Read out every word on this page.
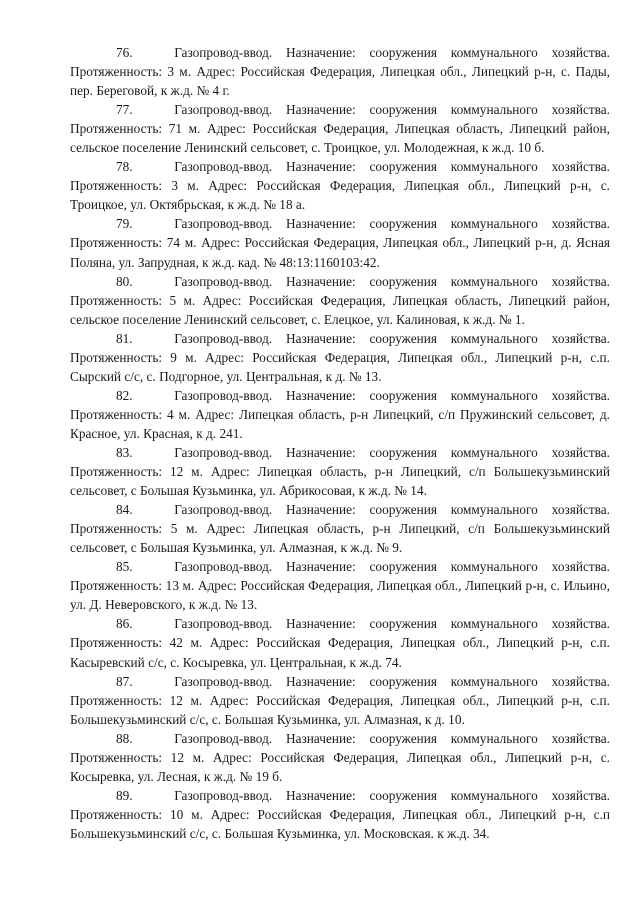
76.	Газопровод-ввод. Назначение: сооружения коммунального хозяйства. Протяженность: 3 м. Адрес: Российская Федерация, Липецкая обл., Липецкий р-н, с. Пады, пер. Береговой, к ж.д. № 4 г.

77.	Газопровод-ввод. Назначение: сооружения коммунального хозяйства. Протяженность: 71 м. Адрес: Российская Федерация, Липецкая область, Липецкий район, сельское поселение Ленинский сельсовет, с. Троицкое, ул. Молодежная, к ж.д. 10 б.

78.	Газопровод-ввод. Назначение: сооружения коммунального хозяйства. Протяженность: 3 м. Адрес: Российская Федерация, Липецкая обл., Липецкий р-н, с. Троицкое, ул. Октябрьская, к ж.д. № 18 а.

79.	Газопровод-ввод. Назначение: сооружения коммунального хозяйства. Протяженность: 74 м. Адрес: Российская Федерация, Липецкая обл., Липецкий р-н, д. Ясная Поляна, ул. Запрудная, к ж.д. кад. № 48:13:1160103:42.

80.	Газопровод-ввод. Назначение: сооружения коммунального хозяйства. Протяженность: 5 м. Адрес: Российская Федерация, Липецкая область, Липецкий район, сельское поселение Ленинский сельсовет, с. Елецкое, ул. Калиновая, к ж.д. № 1.

81.	Газопровод-ввод. Назначение: сооружения коммунального хозяйства. Протяженность: 9 м. Адрес: Российская Федерация, Липецкая обл., Липецкий р-н, с.п. Сырский с/с, с. Подгорное, ул. Центральная, к д. № 13.

82.	Газопровод-ввод. Назначение: сооружения коммунального хозяйства. Протяженность: 4 м. Адрес: Липецкая область, р-н Липецкий, с/п Пружинский сельсовет, д. Красное, ул. Красная, к д. 241.

83.	Газопровод-ввод. Назначение: сооружения коммунального хозяйства. Протяженность: 12 м. Адрес: Липецкая область, р-н Липецкий, с/п Большекузьминский сельсовет, с Большая Кузьминка, ул. Абрикосовая, к ж.д. № 14.

84.	Газопровод-ввод. Назначение: сооружения коммунального хозяйства. Протяженность: 5 м. Адрес: Липецкая область, р-н Липецкий, с/п Большекузьминский сельсовет, с Большая Кузьминка, ул. Алмазная, к ж.д. № 9.

85.	Газопровод-ввод. Назначение: сооружения коммунального хозяйства. Протяженность: 13 м. Адрес: Российская Федерация, Липецкая обл., Липецкий р-н, с. Ильино, ул. Д. Неверовского, к ж.д. № 13.

86.	Газопровод-ввод. Назначение: сооружения коммунального хозяйства. Протяженность: 42 м. Адрес: Российская Федерация, Липецкая обл., Липецкий р-н, с.п. Касыревский с/с, с. Косыревка, ул. Центральная, к ж.д. 74.

87.	Газопровод-ввод. Назначение: сооружения коммунального хозяйства. Протяженность: 12 м. Адрес: Российская Федерация, Липецкая обл., Липецкий р-н, с.п. Большекузьминский с/с, с. Большая Кузьминка, ул. Алмазная, к д. 10.

88.	Газопровод-ввод. Назначение: сооружения коммунального хозяйства. Протяженность: 12 м. Адрес: Российская Федерация, Липецкая обл., Липецкий р-н, с. Косыревка, ул. Лесная, к ж.д. № 19 б.

89.	Газопровод-ввод. Назначение: сооружения коммунального хозяйства. Протяженность: 10 м. Адрес: Российская Федерация, Липецкая обл., Липецкий р-н, с.п Большекузьминский с/с, с. Большая Кузьминка, ул. Московская. к ж.д. 34.
